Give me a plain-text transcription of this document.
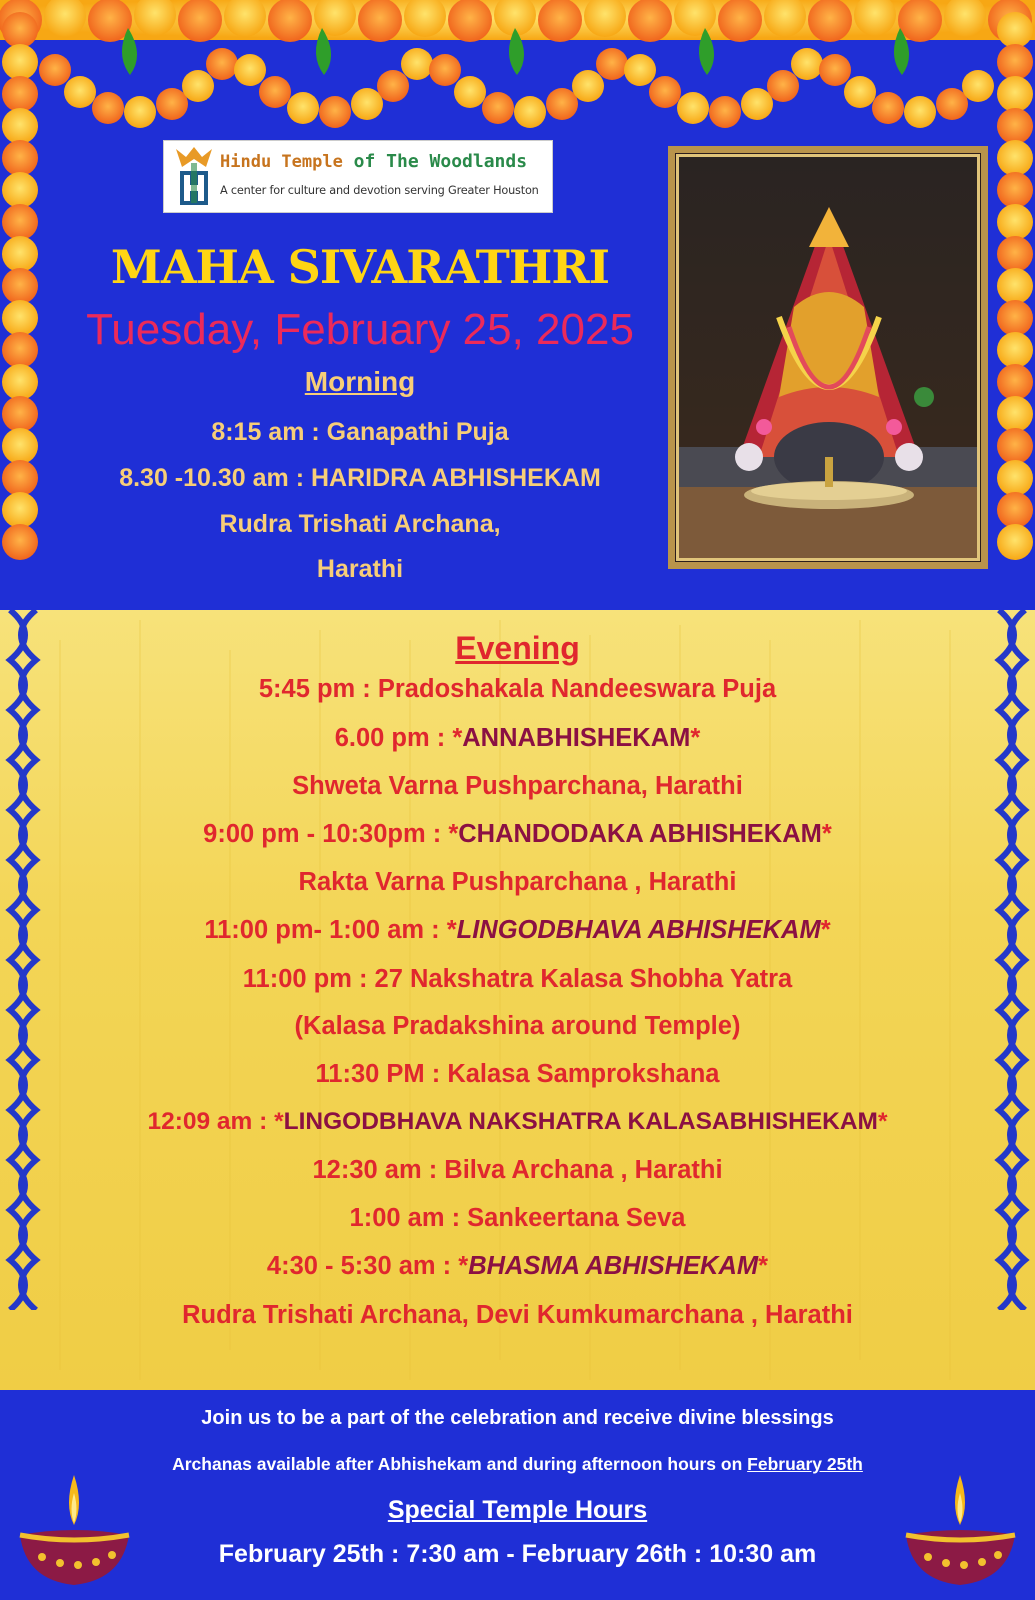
Hindu Temple of The Woodlands
A center for culture and devotion serving Greater Houston
MAHA SIVARATHRI
Tuesday, February 25, 2025
Morning
8:15 am : Ganapathi Puja
8.30 -10.30 am : HARIDRA ABHISHEKAM
Rudra Trishati Archana,
Harathi
Evening
5:45 pm : Pradoshakala Nandeeswara Puja
6.00 pm : *ANNABHISHEKAM*
Shweta Varna Pushparchana, Harathi
9:00 pm - 10:30pm : *CHANDODAKA ABHISHEKAM*
Rakta Varna Pushparchana , Harathi
11:00 pm- 1:00 am : *LINGODBHAVA ABHISHEKAM*
11:00 pm : 27 Nakshatra Kalasa Shobha Yatra
(Kalasa Pradakshina around Temple)
11:30 PM : Kalasa Samprokshana
12:09 am : *LINGODBHAVA NAKSHATRA KALASABHISHEKAM*
12:30 am : Bilva Archana , Harathi
1:00 am : Sankeertana Seva
4:30 - 5:30 am : *BHASMA ABHISHEKAM*
Rudra Trishati Archana, Devi Kumkumarchana , Harathi
Join us to be a part of the celebration and receive divine blessings
Archanas available after Abhishekam and during afternoon hours on February 25th
Special Temple Hours
February 25th : 7:30 am - February 26th : 10:30 am
